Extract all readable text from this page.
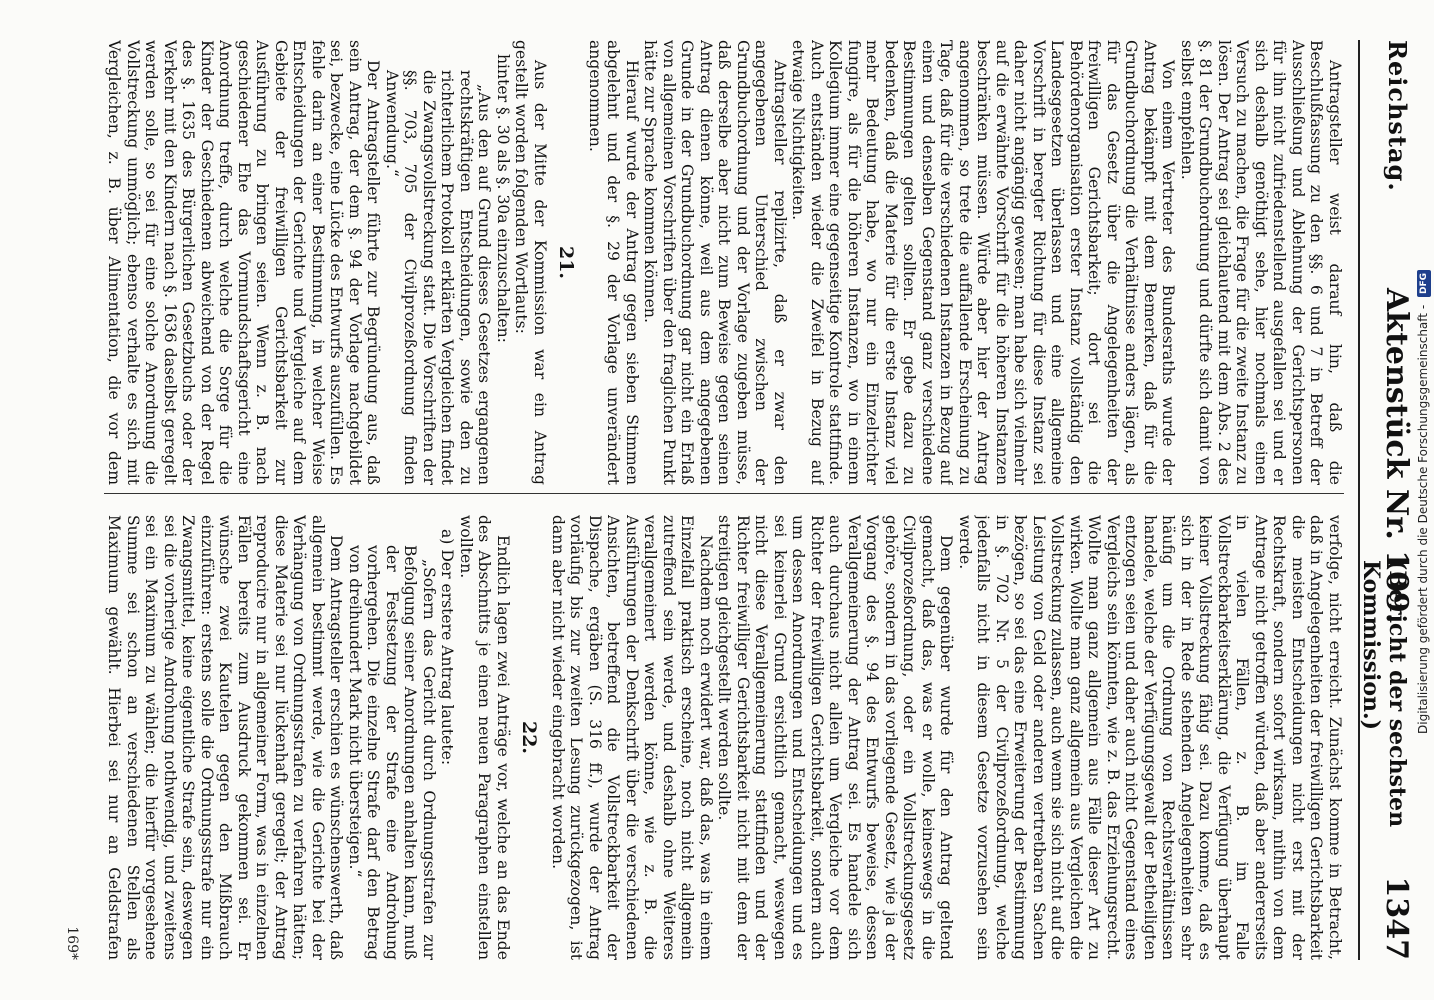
Reichstag.
Aktenstück Nr. 109.
(Bericht der sechsten Kommission.)
1347

Antragsteller weist darauf hin, daß die Beschlußfassung zu den §§. 6 und 7 in Betreff der Ausschließung und Ablehnung der Gerichtspersonen für ihn nicht zufriedenstellend ausgefallen sei und er sich deshalb genöthigt sehe, hier nochmals einen Versuch zu machen, die Frage für die zweite Instanz zu lösen. Der Antrag sei gleichlautend mit dem Abs. 2 des §. 81 der Grundbuchordnung und dürfte sich damit von selbst empfehlen.

Von einem Vertreter des Bundesraths wurde der Antrag bekämpft mit dem Bemerken, daß für die Grundbuchordnung die Verhältnisse anders lägen, als für das Gesetz über die Angelegenheiten der freiwilligen Gerichtsbarkeit; dort sei die Behördenorganisation erster Instanz vollständig den Landesgesetzen überlassen und eine allgemeine Vorschrift in beregter Richtung für diese Instanz sei daher nicht angängig gewesen; man habe sich vielmehr auf die erwähnte Vorschrift für die höheren Instanzen beschränken müssen. Würde aber hier der Antrag angenommen, so trete die auffallende Erscheinung zu Tage, daß für die verschiedenen Instanzen in Bezug auf einen und denselben Gegenstand ganz verschiedene Bestimmungen gelten sollten. Er gebe dazu zu bedenken, daß die Materie für die erste Instanz viel mehr Bedeutung habe, wo nur ein Einzelrichter fungire, als für die höheren Instanzen, wo in einem Kollegium immer eine gegenseitige Kontrole stattfinde. Auch entständen wieder die Zweifel in Bezug auf etwaige Nichtigkeiten.

Antragsteller replizirte, daß er zwar den angegebenen Unterschied zwischen der Grundbuchordnung und der Vorlage zugeben müsse, daß derselbe aber nicht zum Beweise gegen seinen Antrag dienen könne, weil aus dem angegebenen Grunde in der Grundbuchordnung gar nicht ein Erlaß von allgemeinen Vorschriften über den fraglichen Punkt hätte zur Sprache kommen können.

Hierauf wurde der Antrag gegen sieben Stimmen abgelehnt und der §. 29 der Vorlage unverändert angenommen.

21.

Aus der Mitte der Kommission war ein Antrag gestellt worden folgenden Wortlauts:

hinter §. 30 als §. 30a einzuschalten:

„Aus den auf Grund dieses Gesetzes ergangenen rechtskräftigen Entscheidungen, sowie den zu richterlichem Protokoll erklärten Vergleichen findet die Zwangsvollstreckung statt. Die Vorschriften der §§. 703, 705 der Civilprozeßordnung finden Anwendung.“

Der Antragsteller führte zur Begründung aus, daß sein Antrag, der dem §. 94 der Vorlage nachgebildet sei, bezwecke, eine Lücke des Entwurfs auszufüllen. Es fehle darin an einer Bestimmung, in welcher Weise Entscheidungen der Gerichte und Vergleiche auf dem Gebiete der freiwilligen Gerichtsbarkeit zur Ausführung zu bringen seien. Wenn z. B. nach geschiedener Ehe das Vormundschaftsgericht eine Anordnung treffe, durch welche die Sorge für die Kinder der Geschiedenen abweichend von der Regel des §. 1635 des Bürgerlichen Gesetzbuchs oder der Verkehr mit den Kindern nach §. 1636 daselbst geregelt werden solle, so sei für eine solche Anordnung die Vollstreckung unmöglich; ebenso verhalte es sich mit Vergleichen, z. B. über Alimentation, die vor dem

verfolge, nicht erreicht. Zunächst komme in Betracht, daß in Angelegenheiten der freiwilligen Gerichtsbarkeit die meisten Entscheidungen nicht erst mit der Rechtskraft, sondern sofort wirksam, mithin von dem Antrage nicht getroffen würden, daß aber andererseits in vielen Fällen, z. B. im Falle Vollstreckbarkeitserklärung, die Verfügung überhaupt keiner Vollstreckung fähig sei. Dazu komme, daß es sich in der in Rede stehenden Angelegenheiten sehr häufig um die Ordnung von Rechtsverhältnissen handele, welche der Verfügungsgewalt der Betheiligten entzogen seien und daher auch nicht Gegenstand eines Vergleichs sein könnten, wie z. B. das Erziehungsrecht. Wollte man ganz allgemein aus Fälle dieser Art zu wirken. Wollte man ganz allgemein aus Vergleichen die Vollstreckung zulassen, auch wenn sie sich nicht auf die Leistung von Geld oder anderen vertretbaren Sachen bezögen, so sei das eine Erweiterung der Bestimmung in §. 702 Nr. 5 der Civilprozeßordnung, welche jedenfalls nicht in diesem Gesetze vorzusehen sein werde.

Dem gegenüber wurde für den Antrag geltend gemacht, daß das, was er wolle, keineswegs in die Civilprozeßordnung, oder ein Vollstreckungsgesetz gehöre, sondern in das vorliegende Gesetz, wie ja der Vorgang des §. 94 des Entwurfs beweise, dessen Verallgemeinerung der Antrag sei. Es handele sich auch durchaus nicht allein um Vergleiche vor dem Richter der freiwilligen Gerichtsbarkeit, sondern auch um dessen Anordnungen und Entscheidungen und es sei keinerlei Grund ersichtlich gemacht, weswegen nicht diese Verallgemeinerung stattfinden und der Richter freiwilliger Gerichtsbarkeit nicht mit dem der streitigen gleichgestellt werden sollte.

Nachdem noch erwidert war, daß das, was in einem Einzelfall praktisch erscheine, noch nicht allgemein zutreffend sein werde, und deshalb ohne Weiteres verallgemeinert werden könne, wie z. B. die Ausführungen der Denkschrift über die verschiedenen Ansichten, betreffend die Vollstreckbarkeit der Dispache, ergäben (S. 316 ff.), wurde der Antrag vorläufig bis zur zweiten Lesung zurückgezogen, ist dann aber nicht wieder eingebracht worden.

22.

Endlich lagen zwei Anträge vor, welche an das Ende des Abschnitts je einen neuen Paragraphen einstellen wollten.

a) Der erstere Antrag lautete:

„Sofern das Gericht durch Ordnungsstrafen zur Befolgung seiner Anordnungen anhalten kann, muß der Festsetzung der Strafe eine Androhung vorhergehen. Die einzelne Strafe darf den Betrag von dreihundert Mark nicht übersteigen.“

Dem Antragsteller erschien es wünschenswerth, daß allgemein bestimmt werde, wie die Gerichte bei der Verhängung von Ordnungsstrafen zu verfahren hätten; diese Materie sei nur lückenhaft geregelt; der Antrag reproducire nur in allgemeiner Form, was in einzelnen Fällen bereits zum Ausdruck gekommen sei. Er wünsche zwei Kautelen gegen den Mißbrauch einzuführen: erstens solle die Ordnungsstrafe nur ein Zwangsmittel, keine eigentliche Strafe sein, deswegen sei die vorherige Androhung nothwendig, und zweitens sei ein Maximum zu wählen; die hierfür vorgesehene Summe sei schon an verschiedenen Stellen als Maximum gewählt. Hierbei sei nur an Geldstrafen

169*
Digitalisierung gefördert durch die Deutsche Forschungsgemeinschaft - DFG
